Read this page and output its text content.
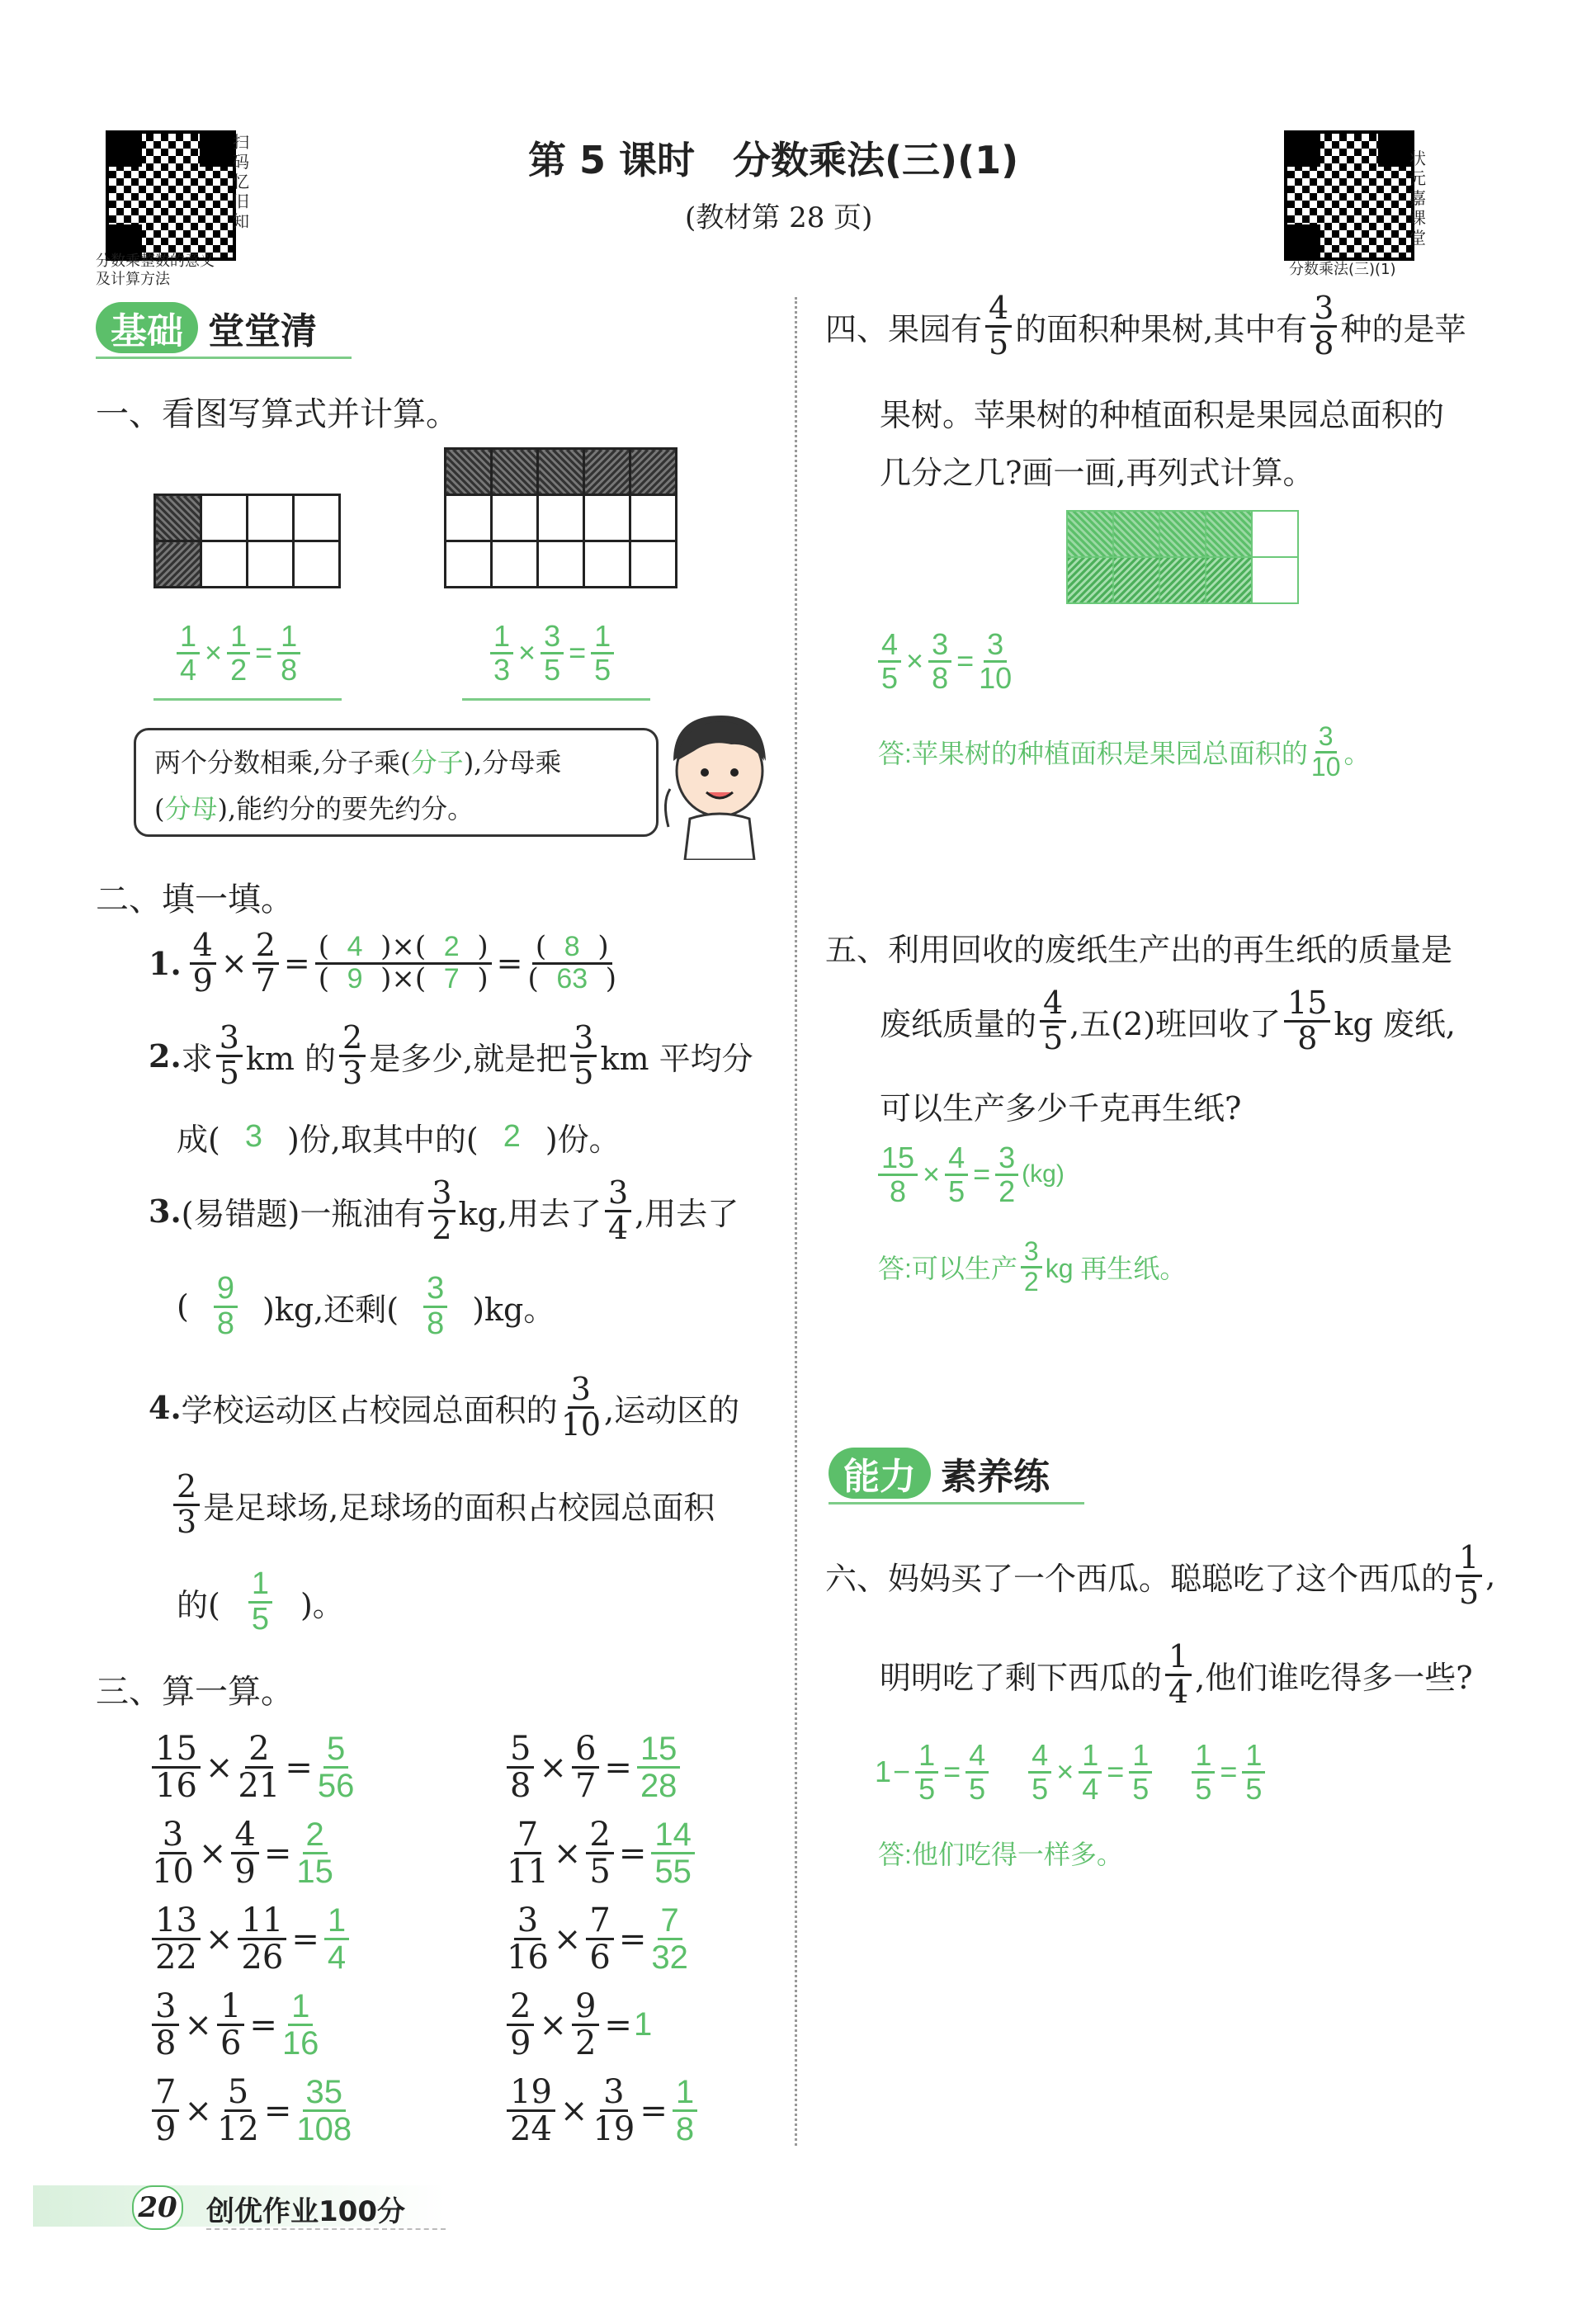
扫码忆旧知
分数乘整数的意义
及计算方法
第 5 课时　分数乘法(三)(1)
(教材第 28 页)
状元嘉课堂
分数乘法(三)(1)
基础 堂堂清
一、看图写算式并计算。

$\frac{1}{4} \times \frac{1}{2} = \frac{1}{8}$	$\frac{1}{3} \times \frac{3}{5} = \frac{1}{5}$
两个分数相乘,分子乘(分子),分母乘
(分母),能约分的要先约分。
二、填一填。
1. $\frac{4}{9} \times \frac{2}{7} = \frac{( 4 )\times( 2 )}{( 9 )\times( 7 )} = \frac{( 8 )}{( 63 )}$
2. 求 $\frac{3}{5}$ km 的 $\frac{2}{3}$ 是多少,就是把 $\frac{3}{5}$ km 平均分
成( 3 )份,取其中的( 2 )份。
3. (易错题)一瓶油有 $\frac{3}{2}$ kg,用去了 $\frac{3}{4}$ ,用去了
( $\frac{9}{8} )kg$,还剩( $\frac{3}{8} )kg$。
4. 学校运动区占校园总面积的 $\frac{3}{10}$ ,运动区的
$\frac{2}{3}$ 是足球场,足球场的面积占校园总面积
的( $\frac{1}{5}$ )。
三、算一算。
$\frac{15}{16} \times \frac{2}{21} = \frac{5}{56}$	$\frac{5}{8} \times \frac{6}{7} = \frac{15}{28}$
$\frac{3}{10} \times \frac{4}{9} = \frac{2}{15}$	$\frac{7}{11} \times \frac{2}{5} = \frac{14}{55}$
$\frac{13}{22} \times \frac{11}{26} = \frac{1}{4}$	$\frac{3}{16} \times \frac{7}{6} = \frac{7}{32}$
$\frac{3}{8} \times \frac{1}{6} = \frac{1}{16}$	$\frac{2}{9} \times \frac{9}{2} = 1$
$\frac{7}{9} \times \frac{5}{12} = \frac{35}{108}$	$\frac{19}{24} \times \frac{3}{19} = \frac{1}{8}$
四、果园有 $\frac{4}{5}$ 的面积种果树,其中有 $\frac{3}{8}$ 种的是苹
果树。苹果树的种植面积是果园总面积的
几分之几?画一画,再列式计算。

$\frac{4}{5} \times \frac{3}{8} = \frac{3}{10}$
答:苹果树的种植面积是果园总面积的 $\frac{3}{10}$ 。
五、利用回收的废纸生产出的再生纸的质量是
废纸质量的 $\frac{4}{5}$ ,五(2)班回收了 $\frac{15}{8}$ kg 废纸,
可以生产多少千克再生纸?
$\frac{15}{8} \times \frac{4}{5} = \frac{3}{2} (kg)$
答:可以生产 $\frac{3}{2}$ kg 再生纸。
能力 素养练
六、妈妈买了一个西瓜。聪聪吃了这个西瓜的 $\frac{1}{5}$ ,
明明吃了剩下西瓜的 $\frac{1}{4}$ ,他们谁吃得多一些?
$1 - \frac{1}{5} = \frac{4}{5} \frac{4}{5} \times \frac{1}{4} = \frac{1}{5} \frac{1}{5} = \frac{1}{5}$
答:他们吃得一样多。
20 创优作业100分
